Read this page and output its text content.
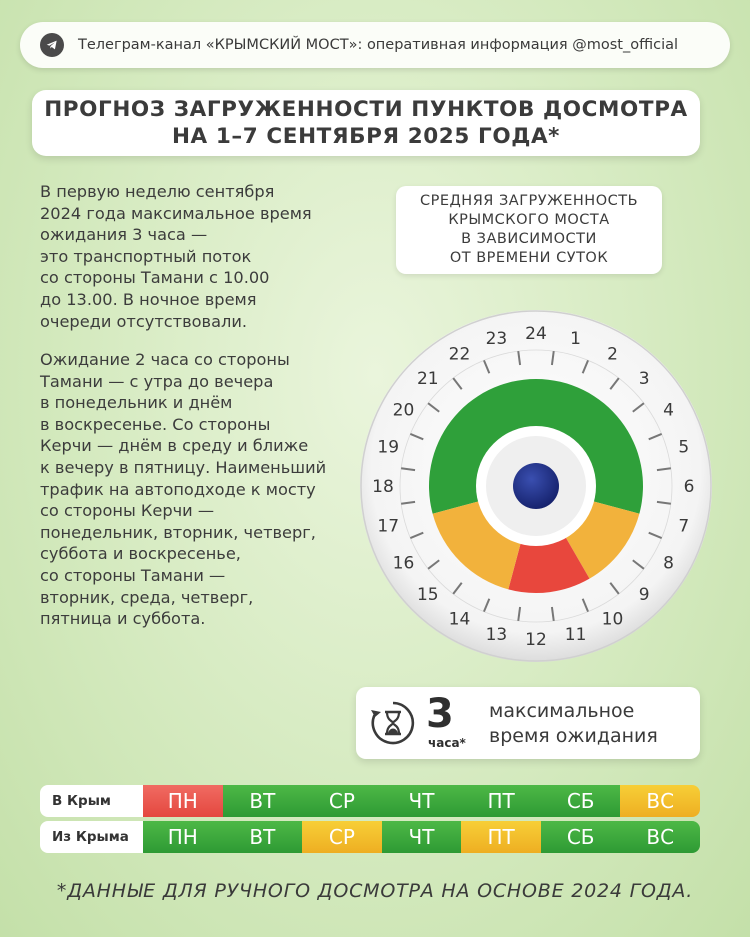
Телеграм-канал «КРЫМСКИЙ МОСТ»: оперативная информация @most_official
ПРОГНОЗ ЗАГРУЖЕННОСТИ ПУНКТОВ ДОСМОТРА
НА 1–7 СЕНТЯБРЯ 2025 ГОДА*
В первую неделю сентября
2024 года максимальное время
ожидания 3 часа —
это транспортный поток
со стороны Тамани с 10.00
до 13.00. В ночное время
очереди отсутствовали.
Ожидание 2 часа со стороны
Тамани — с утра до вечера
в понедельник и днём
в воскресенье. Со стороны
Керчи — днём в среду и ближе
к вечеру в пятницу. Наименьший
трафик на автоподходе к мосту
со стороны Керчи —
понедельник, вторник, четверг,
суббота и воскресенье,
со стороны Тамани —
вторник, среда, четверг,
пятница и суббота.
СРЕДНЯЯ ЗАГРУЖЕННОСТЬ
КРЫМСКОГО МОСТА
В ЗАВИСИМОСТИ
ОТ ВРЕМЕНИ СУТОК
24 1
2
3
4
5
6
7
8
9
10
11
12
13
14
15
16
17
18
19
20
21
22
23
3
часа*
максимальное
время ожидания
В Крым	ПН	ВТ	СР	ЧТ	ПТ	СБ	ВС
Из Крыма	ПН	ВТ	СР	ЧТ	ПТ	СБ	ВС
*ДАННЫЕ ДЛЯ РУЧНОГО ДОСМОТРА НА ОСНОВЕ 2024 ГОДА.
